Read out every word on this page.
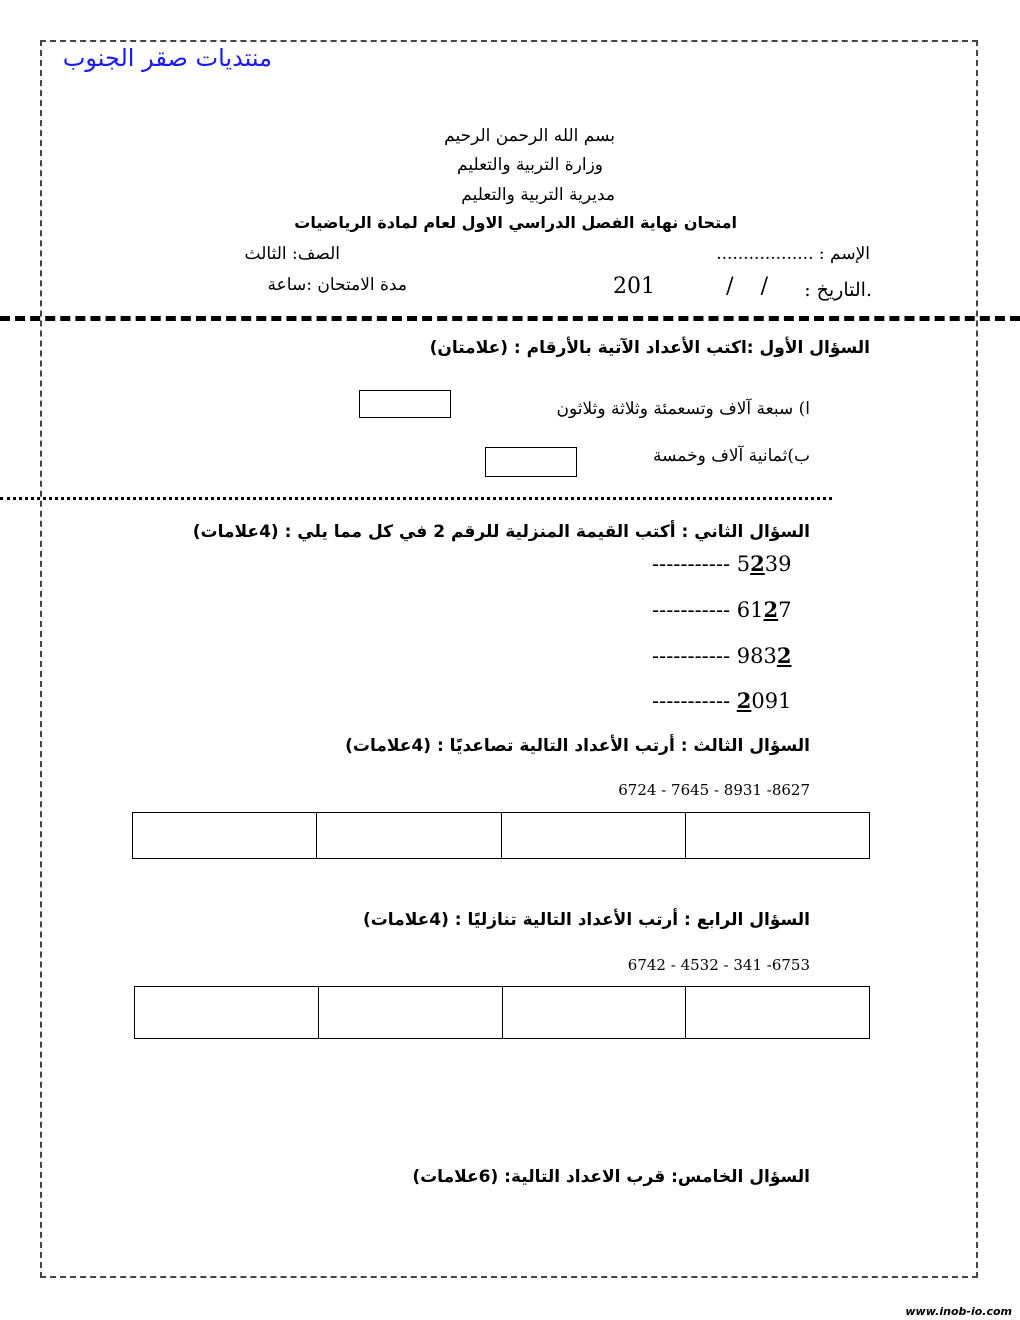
منتديات صقر الجنوب
بسم الله الرحمن الرحيم
وزارة التربية والتعليم
مديرية التربية والتعليم
امتحان نهاية الفصل الدراسي الاول لعام لمادة الرياضيات
الإسم : ..................
الصف: الثالث
.التاريخ :
/ /
201
مدة الامتحان :ساعة
السؤال الأول :اكتب الأعداد الآتية بالأرقام : (علامتان)
ا) سبعة آلاف وتسعمئة وثلاثة وثلاثون
ب)ثمانية آلاف وخمسة
السؤال الثاني : أكتب القيمة المنزلية للرقم 2 في كل مما يلي : (4علامات)
----------- 5239
----------- 6127
----------- 9832
----------- 2091
السؤال الثالث : أرتب الأعداد التالية تصاعديًا : (4علامات)
6724 - 7645 - 8931 -8627

السؤال الرابع : أرتب الأعداد التالية تنازليًا : (4علامات)
6742 - 4532 - 341 -6753

السؤال الخامس: قرب الاعداد التالية: (6علامات)
www.inob-io.com
